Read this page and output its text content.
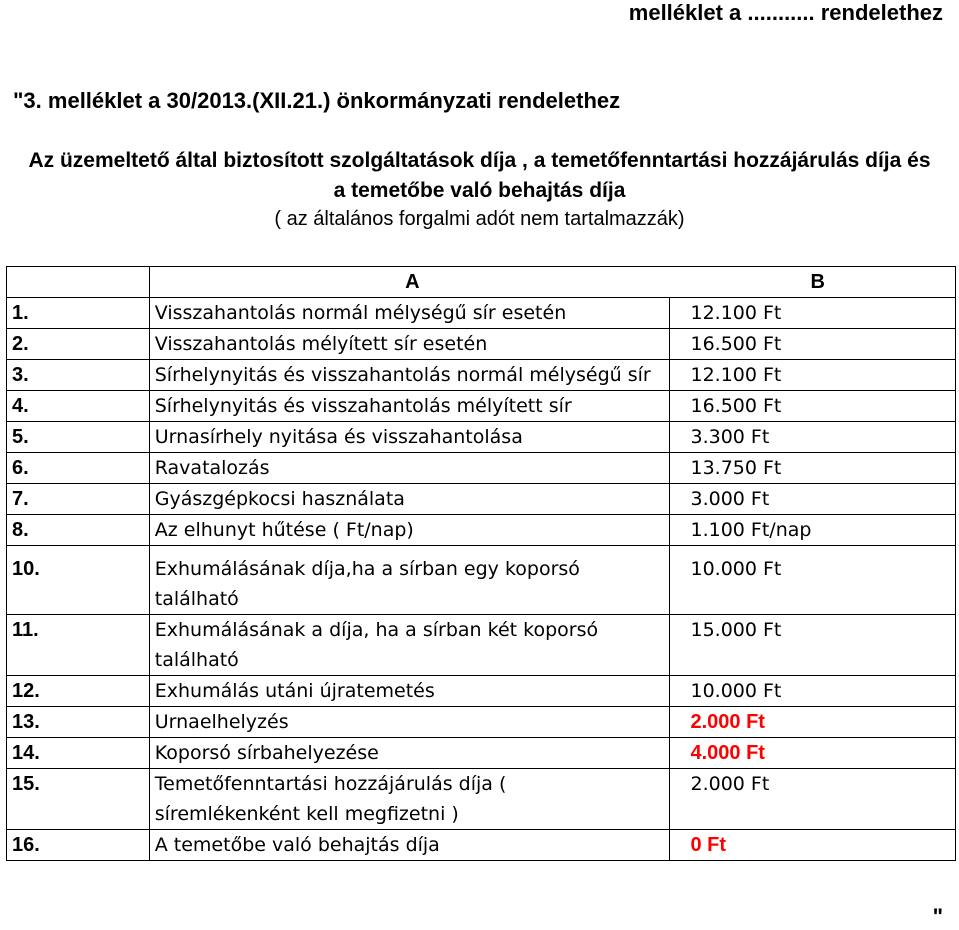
melléklet a ........... rendelethez
"3. melléklet a 30/2013.(XII.21.) önkormányzati rendelethez
Az üzemeltető által biztosított szolgáltatások díja , a temetőfenntartási hozzájárulás díja és
a temetőbe való behajtás díja
( az általános forgalmi adót nem tartalmazzák)
	A	B
1.	Visszahantolás normál mélységű sír esetén	12.100 Ft
2.	Visszahantolás mélyített sír esetén	16.500 Ft
3.	Sírhelynyitás és visszahantolás normál mélységű sír	12.100 Ft
4.	Sírhelynyitás és visszahantolás mélyített sír	16.500 Ft
5.	Urnasírhely nyitása és visszahantolása	3.300 Ft
6.	Ravatalozás	13.750 Ft
7.	Gyászgépkocsi használata	3.000 Ft
8.	Az elhunyt hűtése ( Ft/nap)	1.100 Ft/nap
10.	Exhumálásának díja,ha a sírban egy koporsó található	10.000 Ft
11.	Exhumálásának a díja, ha a sírban két koporsó található	15.000 Ft
12.	Exhumálás utáni újratemetés	10.000 Ft
13.	Urnaelhelyzés	2.000 Ft
14.	Koporsó sírbahelyezése	4.000 Ft
15.	Temetőfenntartási hozzájárulás díja ( síremlékenként kell megfizetni )	2.000 Ft
16.	A temetőbe való behajtás díja	0 Ft
"
